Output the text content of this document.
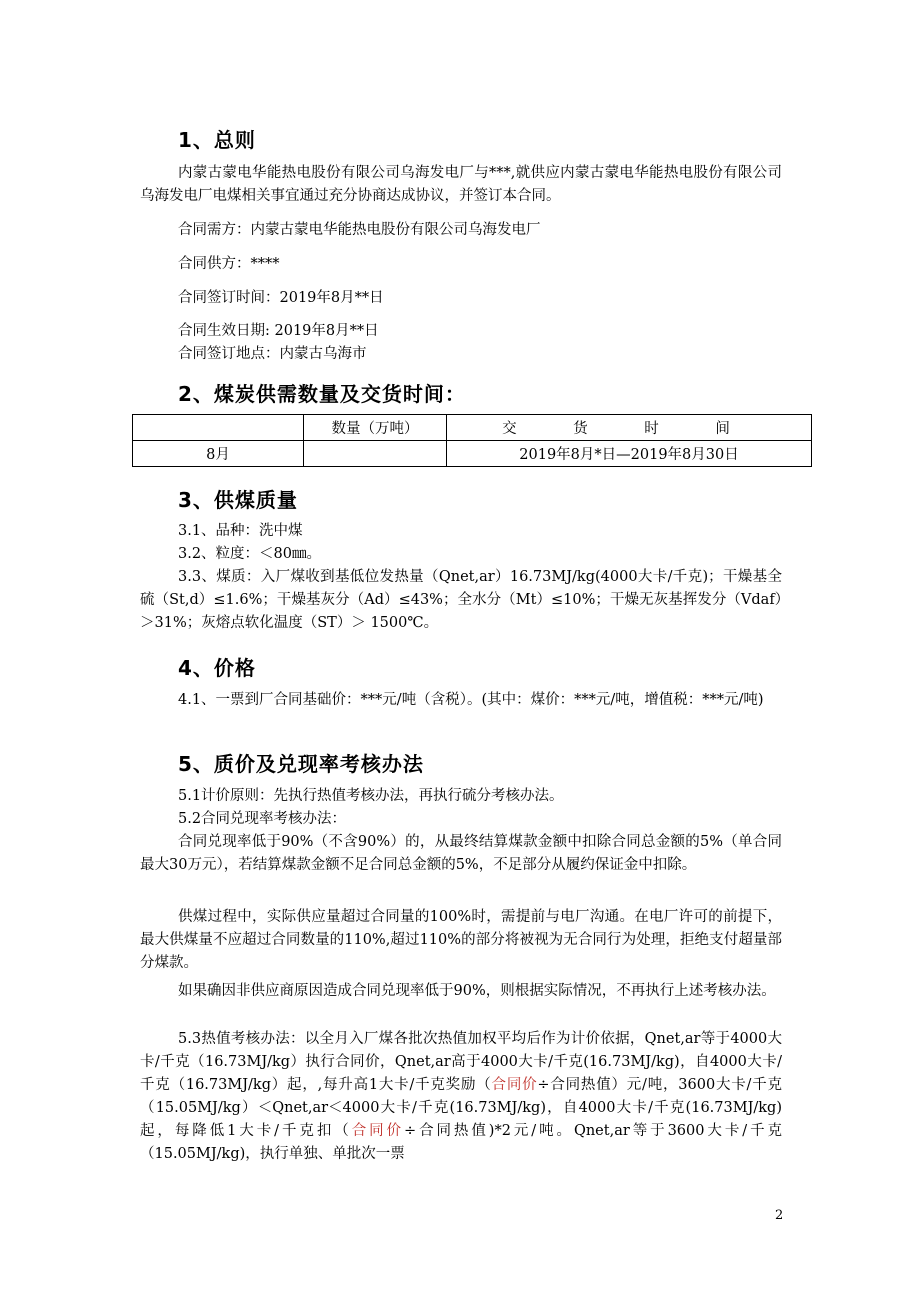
1、总则
内蒙古蒙电华能热电股份有限公司乌海发电厂与***,就供应内蒙古蒙电华能热电股份有限公司乌海发电厂电煤相关事宜通过充分协商达成协议，并签订本合同。
合同需方：内蒙古蒙电华能热电股份有限公司乌海发电厂
合同供方：****
合同签订时间：2019年8月**日
合同生效日期: 2019年8月**日
合同签订地点：内蒙古乌海市
2、煤炭供需数量及交货时间：
	数量（万吨）	交 货 时 间
8月		2019年8月*日—2019年8月30日
3、供煤质量
3.1、品种：洗中煤
3.2、粒度：＜80㎜。
3.3、煤质：入厂煤收到基低位发热量（Qnet,ar）16.73MJ/kg(4000大卡/千克)；干燥基全硫（St,d）≤1.6%；干燥基灰分（Ad）≤43%；全水分（Mt）≤10%；干燥无灰基挥发分（Vdaf）＞31%；灰熔点软化温度（ST）＞ 1500℃。
4、价格
4.1、一票到厂合同基础价：***元/吨（含税）。(其中：煤价：***元/吨，增值税：***元/吨)
5、质价及兑现率考核办法
5.1计价原则：先执行热值考核办法，再执行硫分考核办法。
5.2合同兑现率考核办法：
合同兑现率低于90%（不含90%）的，从最终结算煤款金额中扣除合同总金额的5%（单合同最大30万元），若结算煤款金额不足合同总金额的5%，不足部分从履约保证金中扣除。
供煤过程中，实际供应量超过合同量的100%时，需提前与电厂沟通。在电厂许可的前提下，最大供煤量不应超过合同数量的110%,超过110%的部分将被视为无合同行为处理，拒绝支付超量部分煤款。
如果确因非供应商原因造成合同兑现率低于90%，则根据实际情况，不再执行上述考核办法。
5.3热值考核办法：以全月入厂煤各批次热值加权平均后作为计价依据，Qnet,ar等于4000大卡/千克（16.73MJ/kg）执行合同价，Qnet,ar高于4000大卡/千克(16.73MJ/kg)，自4000大卡/千克（16.73MJ/kg）起，,每升高1大卡/千克奖励（合同价÷合同热值）元/吨，3600大卡/千克（15.05MJ/kg）＜Qnet,ar＜4000大卡/千克(16.73MJ/kg)，自4000大卡/千克(16.73MJ/kg)起，每降低1大卡/千克扣（合同价÷合同热值)*2元/吨。Qnet,ar等于3600大卡/千克（15.05MJ/kg)，执行单独、单批次一票
2
